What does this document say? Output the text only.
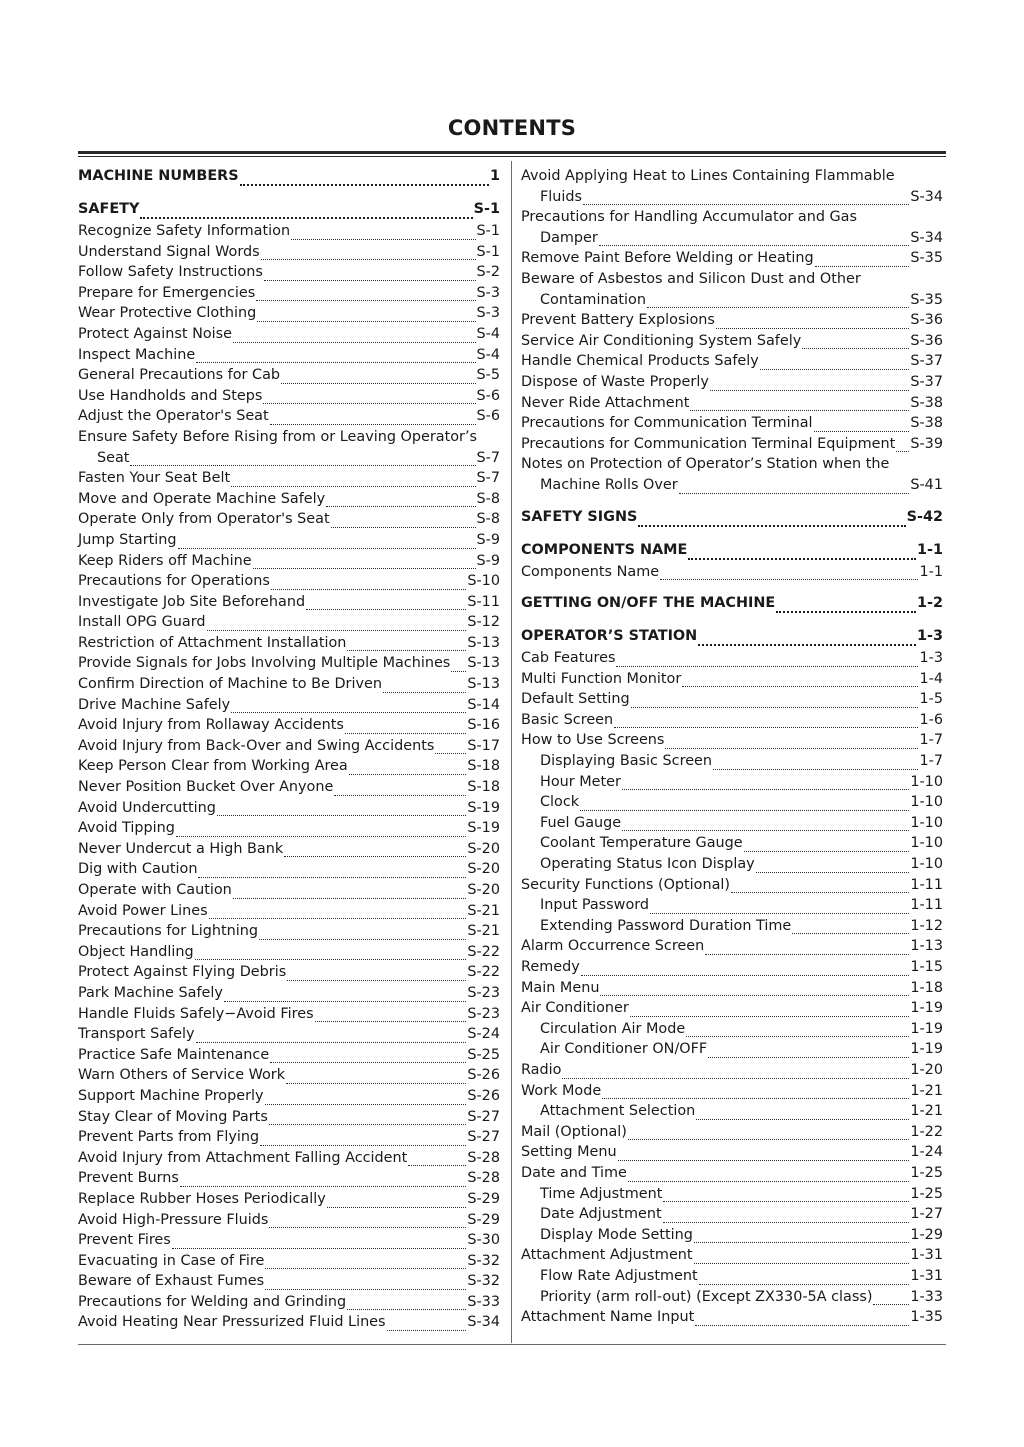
CONTENTS
MACHINE NUMBERS	1
SAFETY	S-1
Recognize Safety Information	S-1
Understand Signal Words	S-1
Follow Safety Instructions	S-2
Prepare for Emergencies	S-3
Wear Protective Clothing	S-3
Protect Against Noise	S-4
Inspect Machine	S-4
General Precautions for Cab	S-5
Use Handholds and Steps	S-6
Adjust the Operator's Seat	S-6
Ensure Safety Before Rising from or Leaving Operator’s
Seat	S-7
Fasten Your Seat Belt	S-7
Move and Operate Machine Safely	S-8
Operate Only from Operator's Seat	S-8
Jump Starting	S-9
Keep Riders off Machine	S-9
Precautions for Operations	S-10
Investigate Job Site Beforehand	S-11
Install OPG Guard	S-12
Restriction of Attachment Installation	S-13
Provide Signals for Jobs Involving Multiple Machines S-13
Confirm Direction of Machine to Be Driven	S-13
Drive Machine Safely	S-14
Avoid Injury from Rollaway Accidents	S-16
Avoid Injury from Back-Over and Swing Accidents S-17
Keep Person Clear from Working Area	S-18
Never Position Bucket Over Anyone	S-18
Avoid Undercutting	S-19
Avoid Tipping	S-19
Never Undercut a High Bank	S-20
Dig with Caution	S-20
Operate with Caution	S-20
Avoid Power Lines	S-21
Precautions for Lightning	S-21
Object Handling	S-22
Protect Against Flying Debris	S-22
Park Machine Safely	S-23
Handle Fluids Safely−Avoid Fires	S-23
Transport Safely	S-24
Practice Safe Maintenance	S-25
Warn Others of Service Work	S-26
Support Machine Properly	S-26
Stay Clear of Moving Parts	S-27
Prevent Parts from Flying	S-27
Avoid Injury from Attachment Falling Accident	S-28
Prevent Burns	S-28
Replace Rubber Hoses Periodically	S-29
Avoid High-Pressure Fluids	S-29
Prevent Fires	S-30
Evacuating in Case of Fire	S-32
Beware of Exhaust Fumes	S-32
Precautions for Welding and Grinding	S-33
Avoid Heating Near Pressurized Fluid Lines	S-34
Avoid Applying Heat to Lines Containing Flammable
Fluids	S-34
Precautions for Handling Accumulator and Gas
Damper	S-34
Remove Paint Before Welding or Heating	S-35
Beware of Asbestos and Silicon Dust and Other
Contamination	S-35
Prevent Battery Explosions	S-36
Service Air Conditioning System Safely	S-36
Handle Chemical Products Safely	S-37
Dispose of Waste Properly	S-37
Never Ride Attachment	S-38
Precautions for Communication Terminal	S-38
Precautions for Communication Terminal Equipment S-39
Notes on Protection of Operator’s Station when the
Machine Rolls Over	S-41
SAFETY SIGNS	S-42
COMPONENTS NAME	1-1
Components Name	1-1
GETTING ON/OFF THE MACHINE	1-2
OPERATOR’S STATION	1-3
Cab Features	1-3
Multi Function Monitor	1-4
Default Setting	1-5
Basic Screen	1-6
How to Use Screens	1-7
Displaying Basic Screen	1-7
Hour Meter	1-10
Clock	1-10
Fuel Gauge	1-10
Coolant Temperature Gauge	1-10
Operating Status Icon Display	1-10
Security Functions (Optional)	1-11
Input Password	1-11
Extending Password Duration Time	1-12
Alarm Occurrence Screen	1-13
Remedy	1-15
Main Menu	1-18
Air Conditioner	1-19
Circulation Air Mode	1-19
Air Conditioner ON/OFF	1-19
Radio	1-20
Work Mode	1-21
Attachment Selection	1-21
Mail (Optional)	1-22
Setting Menu	1-24
Date and Time	1-25
Time Adjustment	1-25
Date Adjustment	1-27
Display Mode Setting	1-29
Attachment Adjustment	1-31
Flow Rate Adjustment	1-31
Priority (arm roll-out) (Except ZX330-5A class)	1-33
Attachment Name Input	1-35
